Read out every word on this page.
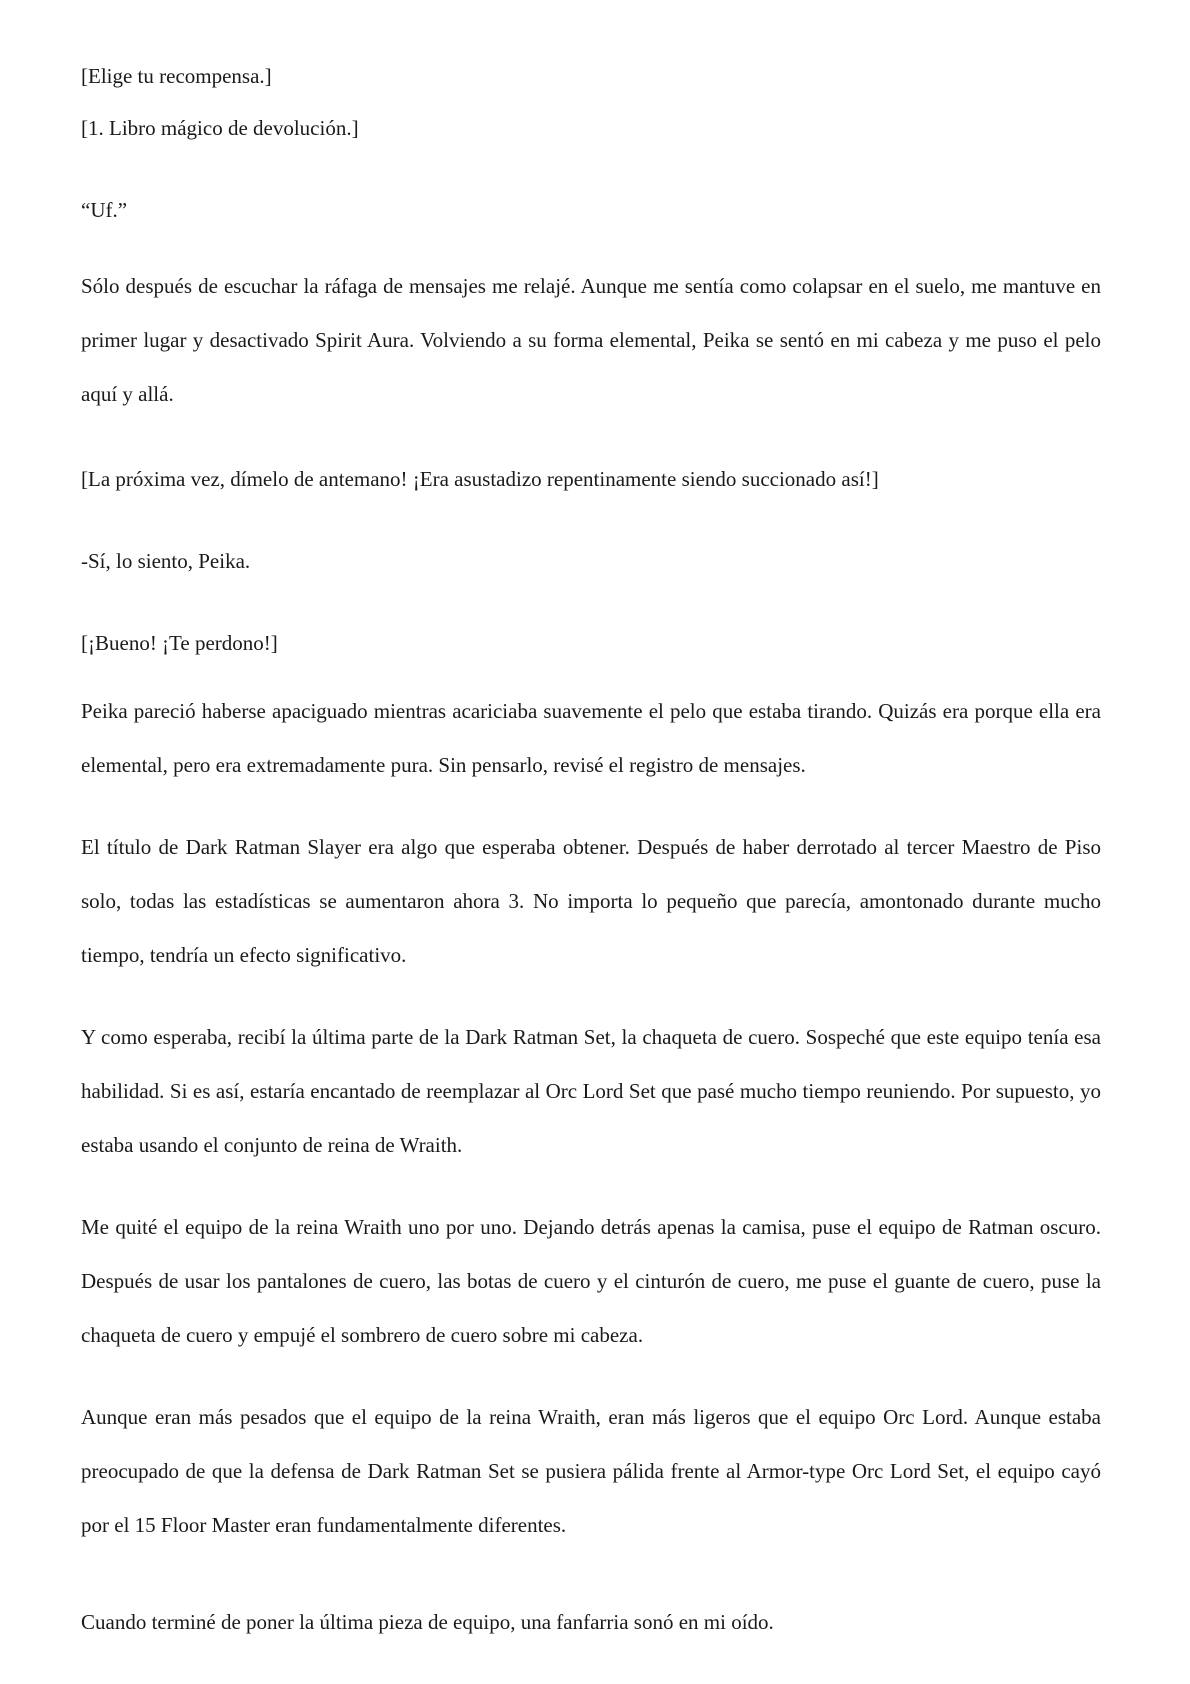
[Elige tu recompensa.]

[1. Libro mágico de devolución.]

“Uf.”

Sólo después de escuchar la ráfaga de mensajes me relajé. Aunque me sentía como colapsar en el suelo, me mantuve en primer lugar y desactivado Spirit Aura. Volviendo a su forma elemental, Peika se sentó en mi cabeza y me puso el pelo aquí y allá.

[La próxima vez, dímelo de antemano! ¡Era asustadizo repentinamente siendo succionado así!]

-Sí, lo siento, Peika.

[¡Bueno! ¡Te perdono!]

Peika pareció haberse apaciguado mientras acariciaba suavemente el pelo que estaba tirando. Quizás era porque ella era elemental, pero era extremadamente pura. Sin pensarlo, revisé el registro de mensajes.

El título de Dark Ratman Slayer era algo que esperaba obtener. Después de haber derrotado al tercer Maestro de Piso solo, todas las estadísticas se aumentaron ahora 3. No importa lo pequeño que parecía, amontonado durante mucho tiempo, tendría un efecto significativo.

Y como esperaba, recibí la última parte de la Dark Ratman Set, la chaqueta de cuero. Sospeché que este equipo tenía esa habilidad. Si es así, estaría encantado de reemplazar al Orc Lord Set que pasé mucho tiempo reuniendo. Por supuesto, yo estaba usando el conjunto de reina de Wraith.

Me quité el equipo de la reina Wraith uno por uno. Dejando detrás apenas la camisa, puse el equipo de Ratman oscuro. Después de usar los pantalones de cuero, las botas de cuero y el cinturón de cuero, me puse el guante de cuero, puse la chaqueta de cuero y empujé el sombrero de cuero sobre mi cabeza.

Aunque eran más pesados que el equipo de la reina Wraith, eran más ligeros que el equipo Orc Lord. Aunque estaba preocupado de que la defensa de Dark Ratman Set se pusiera pálida frente al Armor-type Orc Lord Set, el equipo cayó por el 15 Floor Master eran fundamentalmente diferentes.

Cuando terminé de poner la última pieza de equipo, una fanfarria sonó en mi oído.
